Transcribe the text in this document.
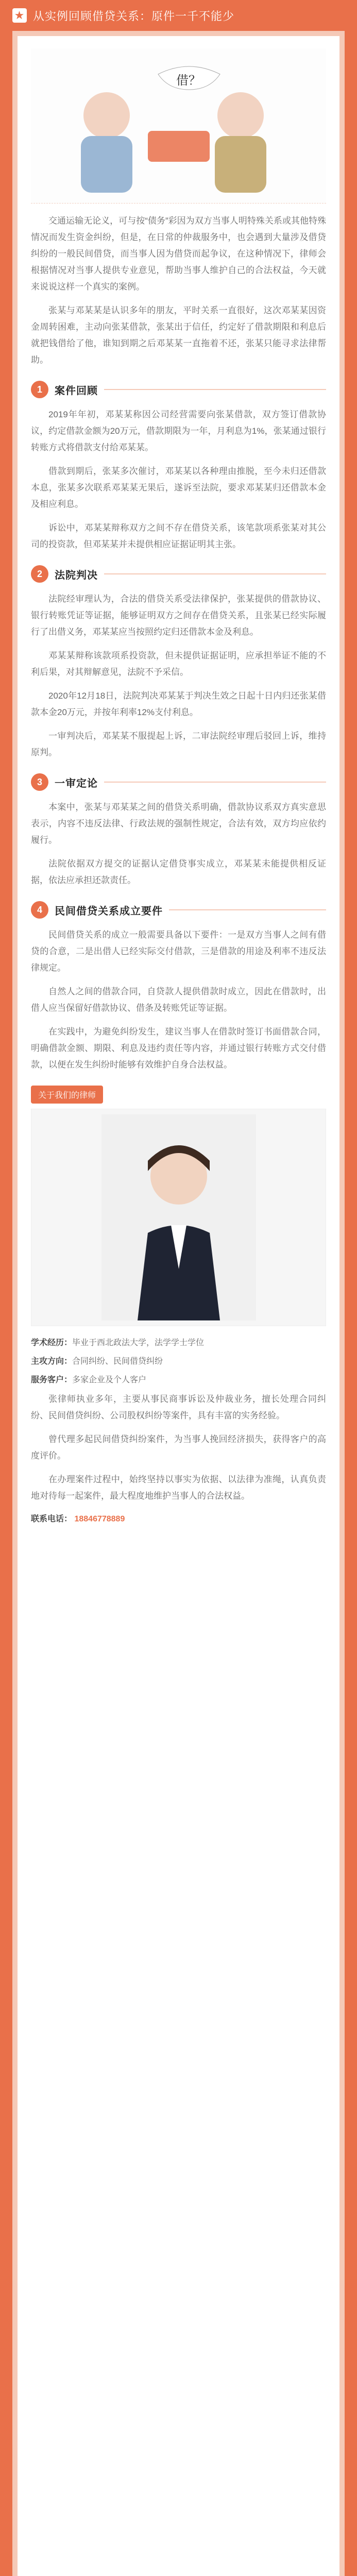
★ 从实例回顾借贷关系：原件一千不能少
借？

交通运输无论义，可与按“债务”彩因为双方当事人明特殊关系或其他特殊情况而发生资金纠纷，但是，在日常的仲裁服务中，也会遇到大量涉及借贷纠纷的一般民间借贷，而当事人因为借贷而起争议，在这种情况下，律师会根据情况对当事人提供专业意见，帮助当事人维护自己的合法权益，今天就来说说这样一个真实的案例。

张某与邓某某是认识多年的朋友，平时关系一直很好，这次邓某某因资金周转困难，主动向张某借款，张某出于信任，约定好了借款期限和利息后就把钱借给了他，谁知到期之后邓某某一直拖着不还，张某只能寻求法律帮助。

1	案件回顾

2019年年初，邓某某称因公司经营需要向张某借款，双方签订借款协议，约定借款金额为20万元，借款期限为一年，月利息为1%，张某通过银行转账方式将借款支付给邓某某。

借款到期后，张某多次催讨，邓某某以各种理由推脱，至今未归还借款本息，张某多次联系邓某某无果后，遂诉至法院，要求邓某某归还借款本金及相应利息。

诉讼中，邓某某辩称双方之间不存在借贷关系，该笔款项系张某对其公司的投资款，但邓某某并未提供相应证据证明其主张。

2	法院判决

法院经审理认为，合法的借贷关系受法律保护，张某提供的借款协议、银行转账凭证等证据，能够证明双方之间存在借贷关系，且张某已经实际履行了出借义务，邓某某应当按照约定归还借款本金及利息。

邓某某辩称该款项系投资款，但未提供证据证明，应承担举证不能的不利后果，对其辩解意见，法院不予采信。

2020年12月18日，法院判决邓某某于判决生效之日起十日内归还张某借款本金20万元，并按年利率12%支付利息。

一审判决后，邓某某不服提起上诉，二审法院经审理后驳回上诉，维持原判。

3	一审定论

本案中，张某与邓某某之间的借贷关系明确，借款协议系双方真实意思表示，内容不违反法律、行政法规的强制性规定，合法有效，双方均应依约履行。

法院依据双方提交的证据认定借贷事实成立，邓某某未能提供相反证据，依法应承担还款责任。

4	民间借贷关系成立要件

民间借贷关系的成立一般需要具备以下要件：一是双方当事人之间有借贷的合意，二是出借人已经实际交付借款，三是借款的用途及利率不违反法律规定。

自然人之间的借款合同，自贷款人提供借款时成立，因此在借款时，出借人应当保留好借款协议、借条及转账凭证等证据。

在实践中，为避免纠纷发生，建议当事人在借款时签订书面借款合同，明确借款金额、期限、利息及违约责任等内容，并通过银行转账方式交付借款，以便在发生纠纷时能够有效维护自身合法权益。

关于我们的律师
学术经历：毕业于西北政法大学，法学学士学位
主攻方向：合同纠纷、民间借贷纠纷
服务客户：多家企业及个人客户

张律师执业多年，主要从事民商事诉讼及仲裁业务，擅长处理合同纠纷、民间借贷纠纷、公司股权纠纷等案件，具有丰富的实务经验。

曾代理多起民间借贷纠纷案件，为当事人挽回经济损失，获得客户的高度评价。

在办理案件过程中，始终坚持以事实为依据、以法律为准绳，认真负责地对待每一起案件，最大程度地维护当事人的合法权益。

联系电话： 18846778889
